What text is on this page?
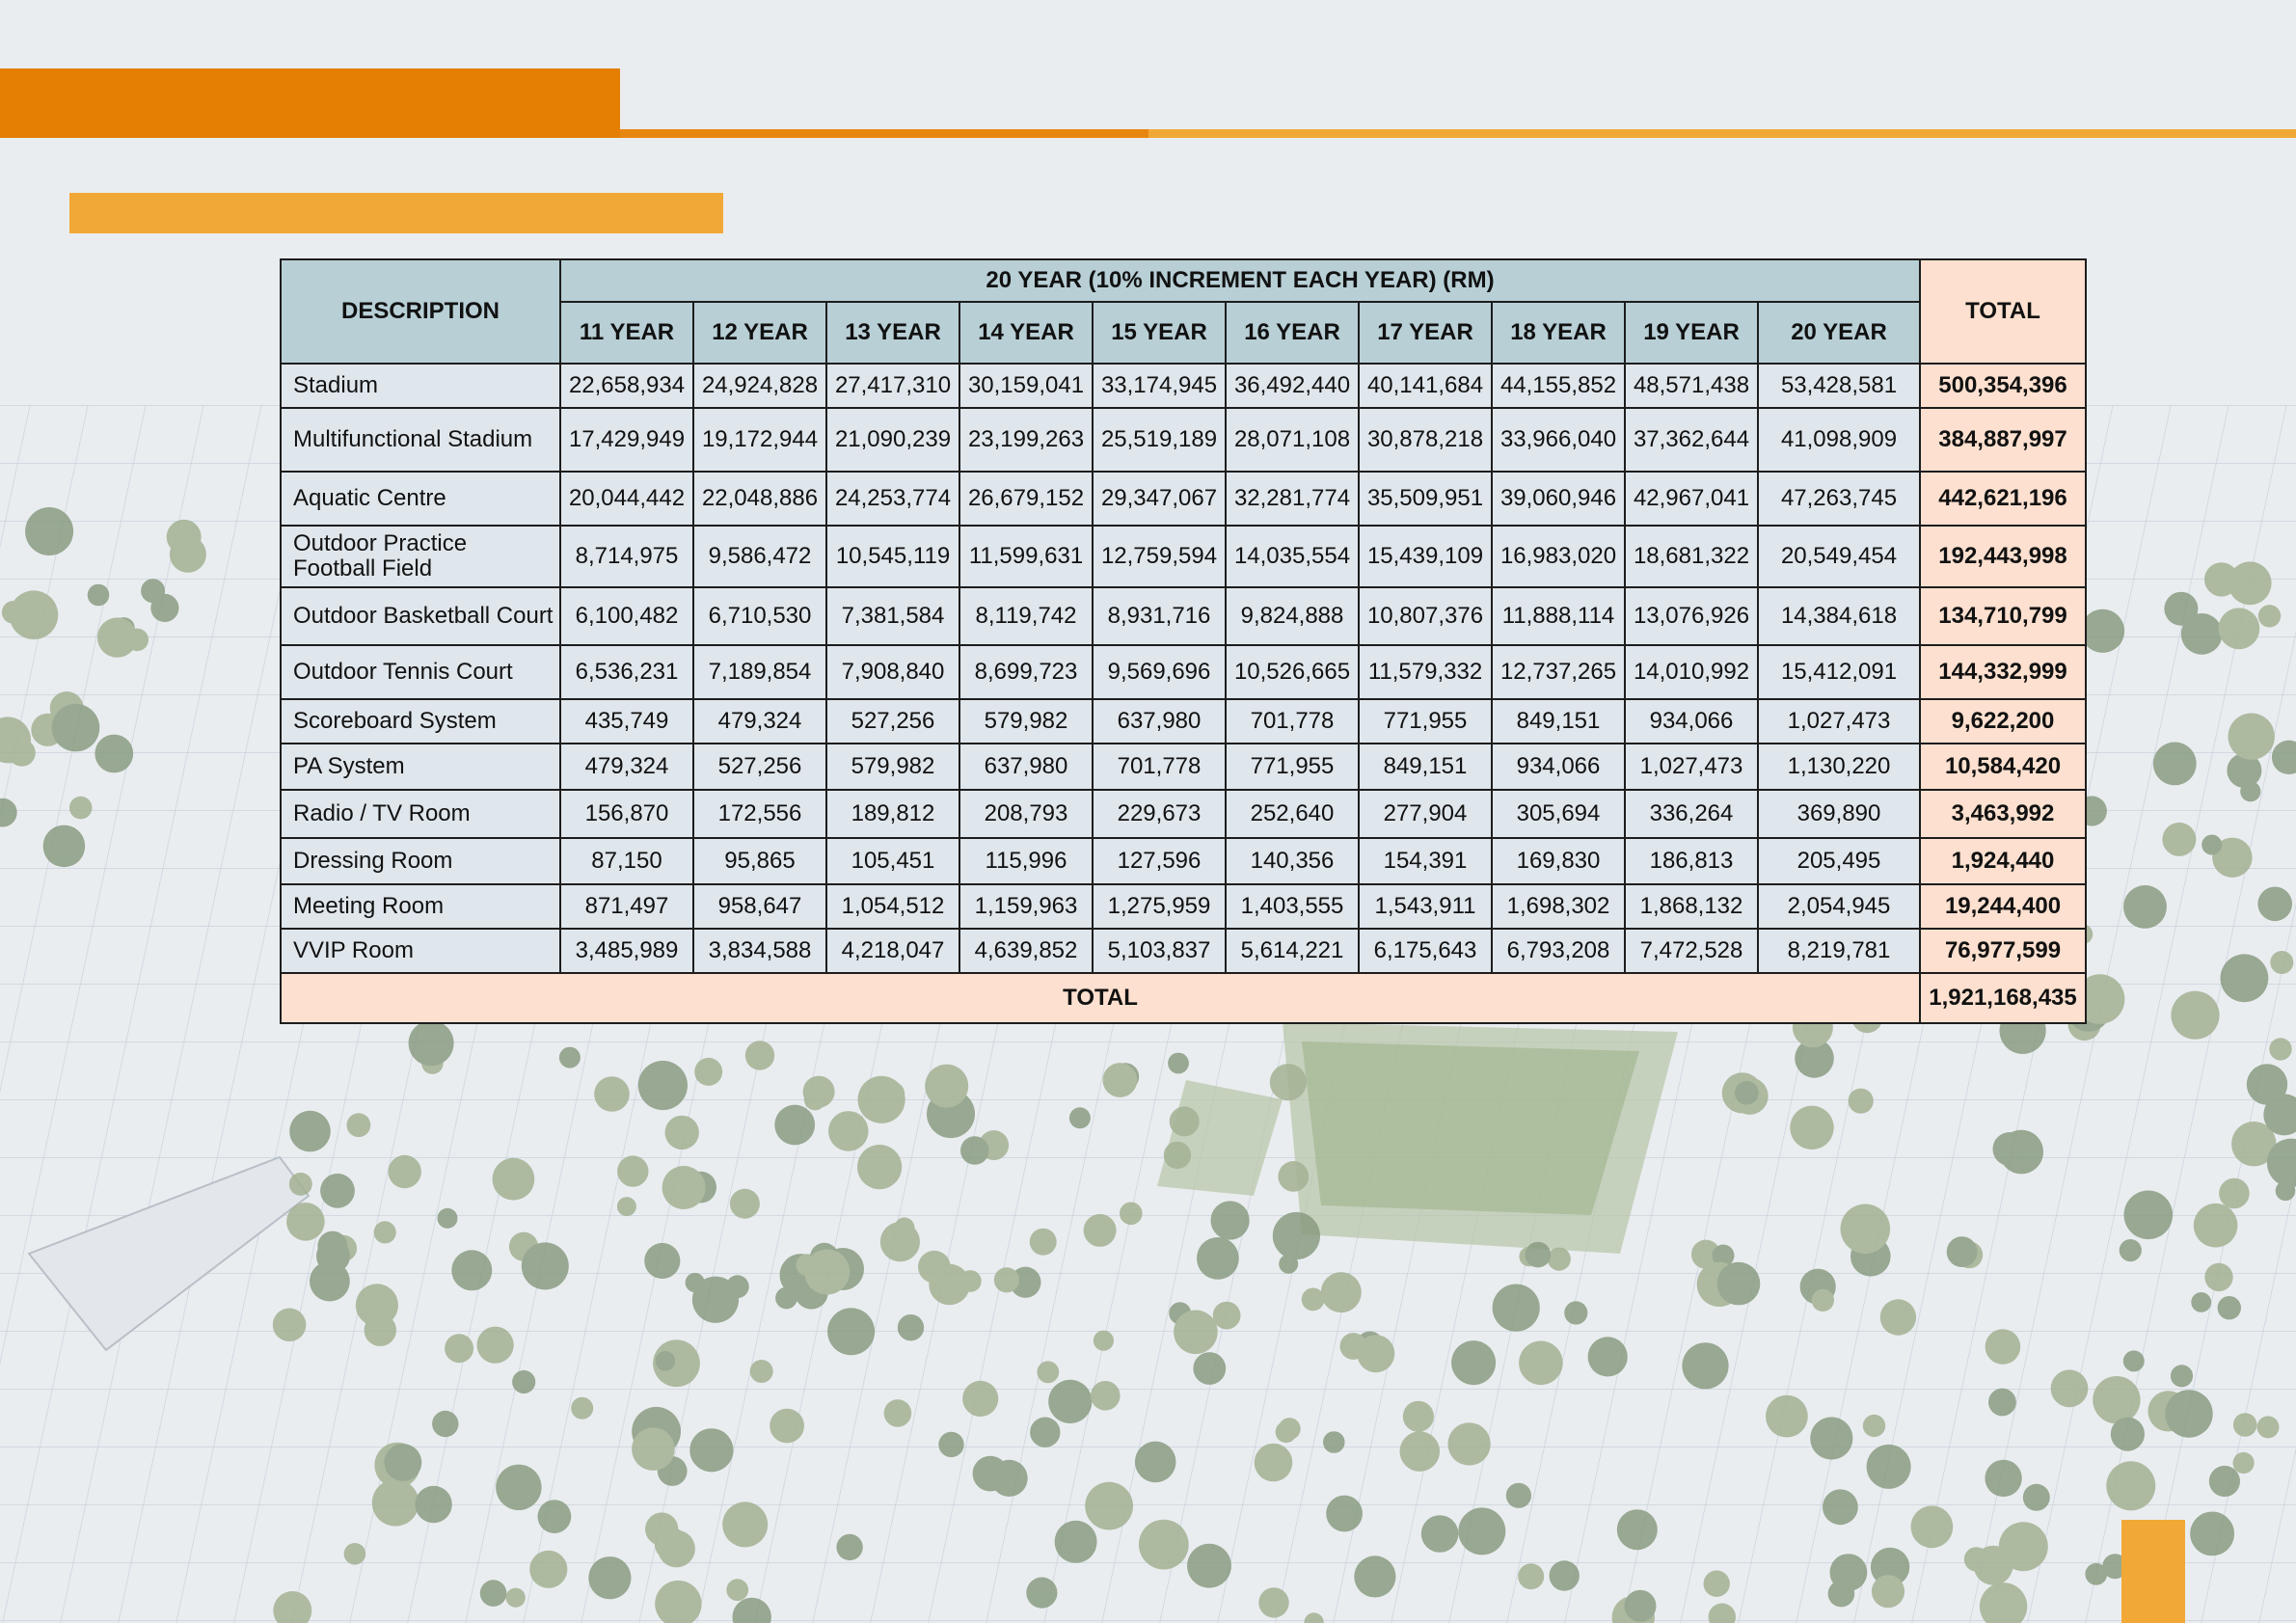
DESCRIPTION	20 YEAR (10% INCREMENT EACH YEAR) (RM)										TOTAL
	11 YEAR	12 YEAR	13 YEAR	14 YEAR	15 YEAR	16 YEAR	17 YEAR	18 YEAR	19 YEAR	20 YEAR	
Stadium	22,658,934	24,924,828	27,417,310	30,159,041	33,174,945	36,492,440	40,141,684	44,155,852	48,571,438	53,428,581	500,354,396
Multifunctional Stadium	17,429,949	19,172,944	21,090,239	23,199,263	25,519,189	28,071,108	30,878,218	33,966,040	37,362,644	41,098,909	384,887,997
Aquatic Centre	20,044,442	22,048,886	24,253,774	26,679,152	29,347,067	32,281,774	35,509,951	39,060,946	42,967,041	47,263,745	442,621,196
Outdoor Practice Football Field	8,714,975	9,586,472	10,545,119	11,599,631	12,759,594	14,035,554	15,439,109	16,983,020	18,681,322	20,549,454	192,443,998
Outdoor Basketball Court	6,100,482	6,710,530	7,381,584	8,119,742	8,931,716	9,824,888	10,807,376	11,888,114	13,076,926	14,384,618	134,710,799
Outdoor Tennis Court	6,536,231	7,189,854	7,908,840	8,699,723	9,569,696	10,526,665	11,579,332	12,737,265	14,010,992	15,412,091	144,332,999
Scoreboard System	435,749	479,324	527,256	579,982	637,980	701,778	771,955	849,151	934,066	1,027,473	9,622,200
PA System	479,324	527,256	579,982	637,980	701,778	771,955	849,151	934,066	1,027,473	1,130,220	10,584,420
Radio / TV Room	156,870	172,556	189,812	208,793	229,673	252,640	277,904	305,694	336,264	369,890	3,463,992
Dressing Room	87,150	95,865	105,451	115,996	127,596	140,356	154,391	169,830	186,813	205,495	1,924,440
Meeting Room	871,497	958,647	1,054,512	1,159,963	1,275,959	1,403,555	1,543,911	1,698,302	1,868,132	2,054,945	19,244,400
VVIP Room	3,485,989	3,834,588	4,218,047	4,639,852	5,103,837	5,614,221	6,175,643	6,793,208	7,472,528	8,219,781	76,977,599
TOTAL											1,921,168,435
